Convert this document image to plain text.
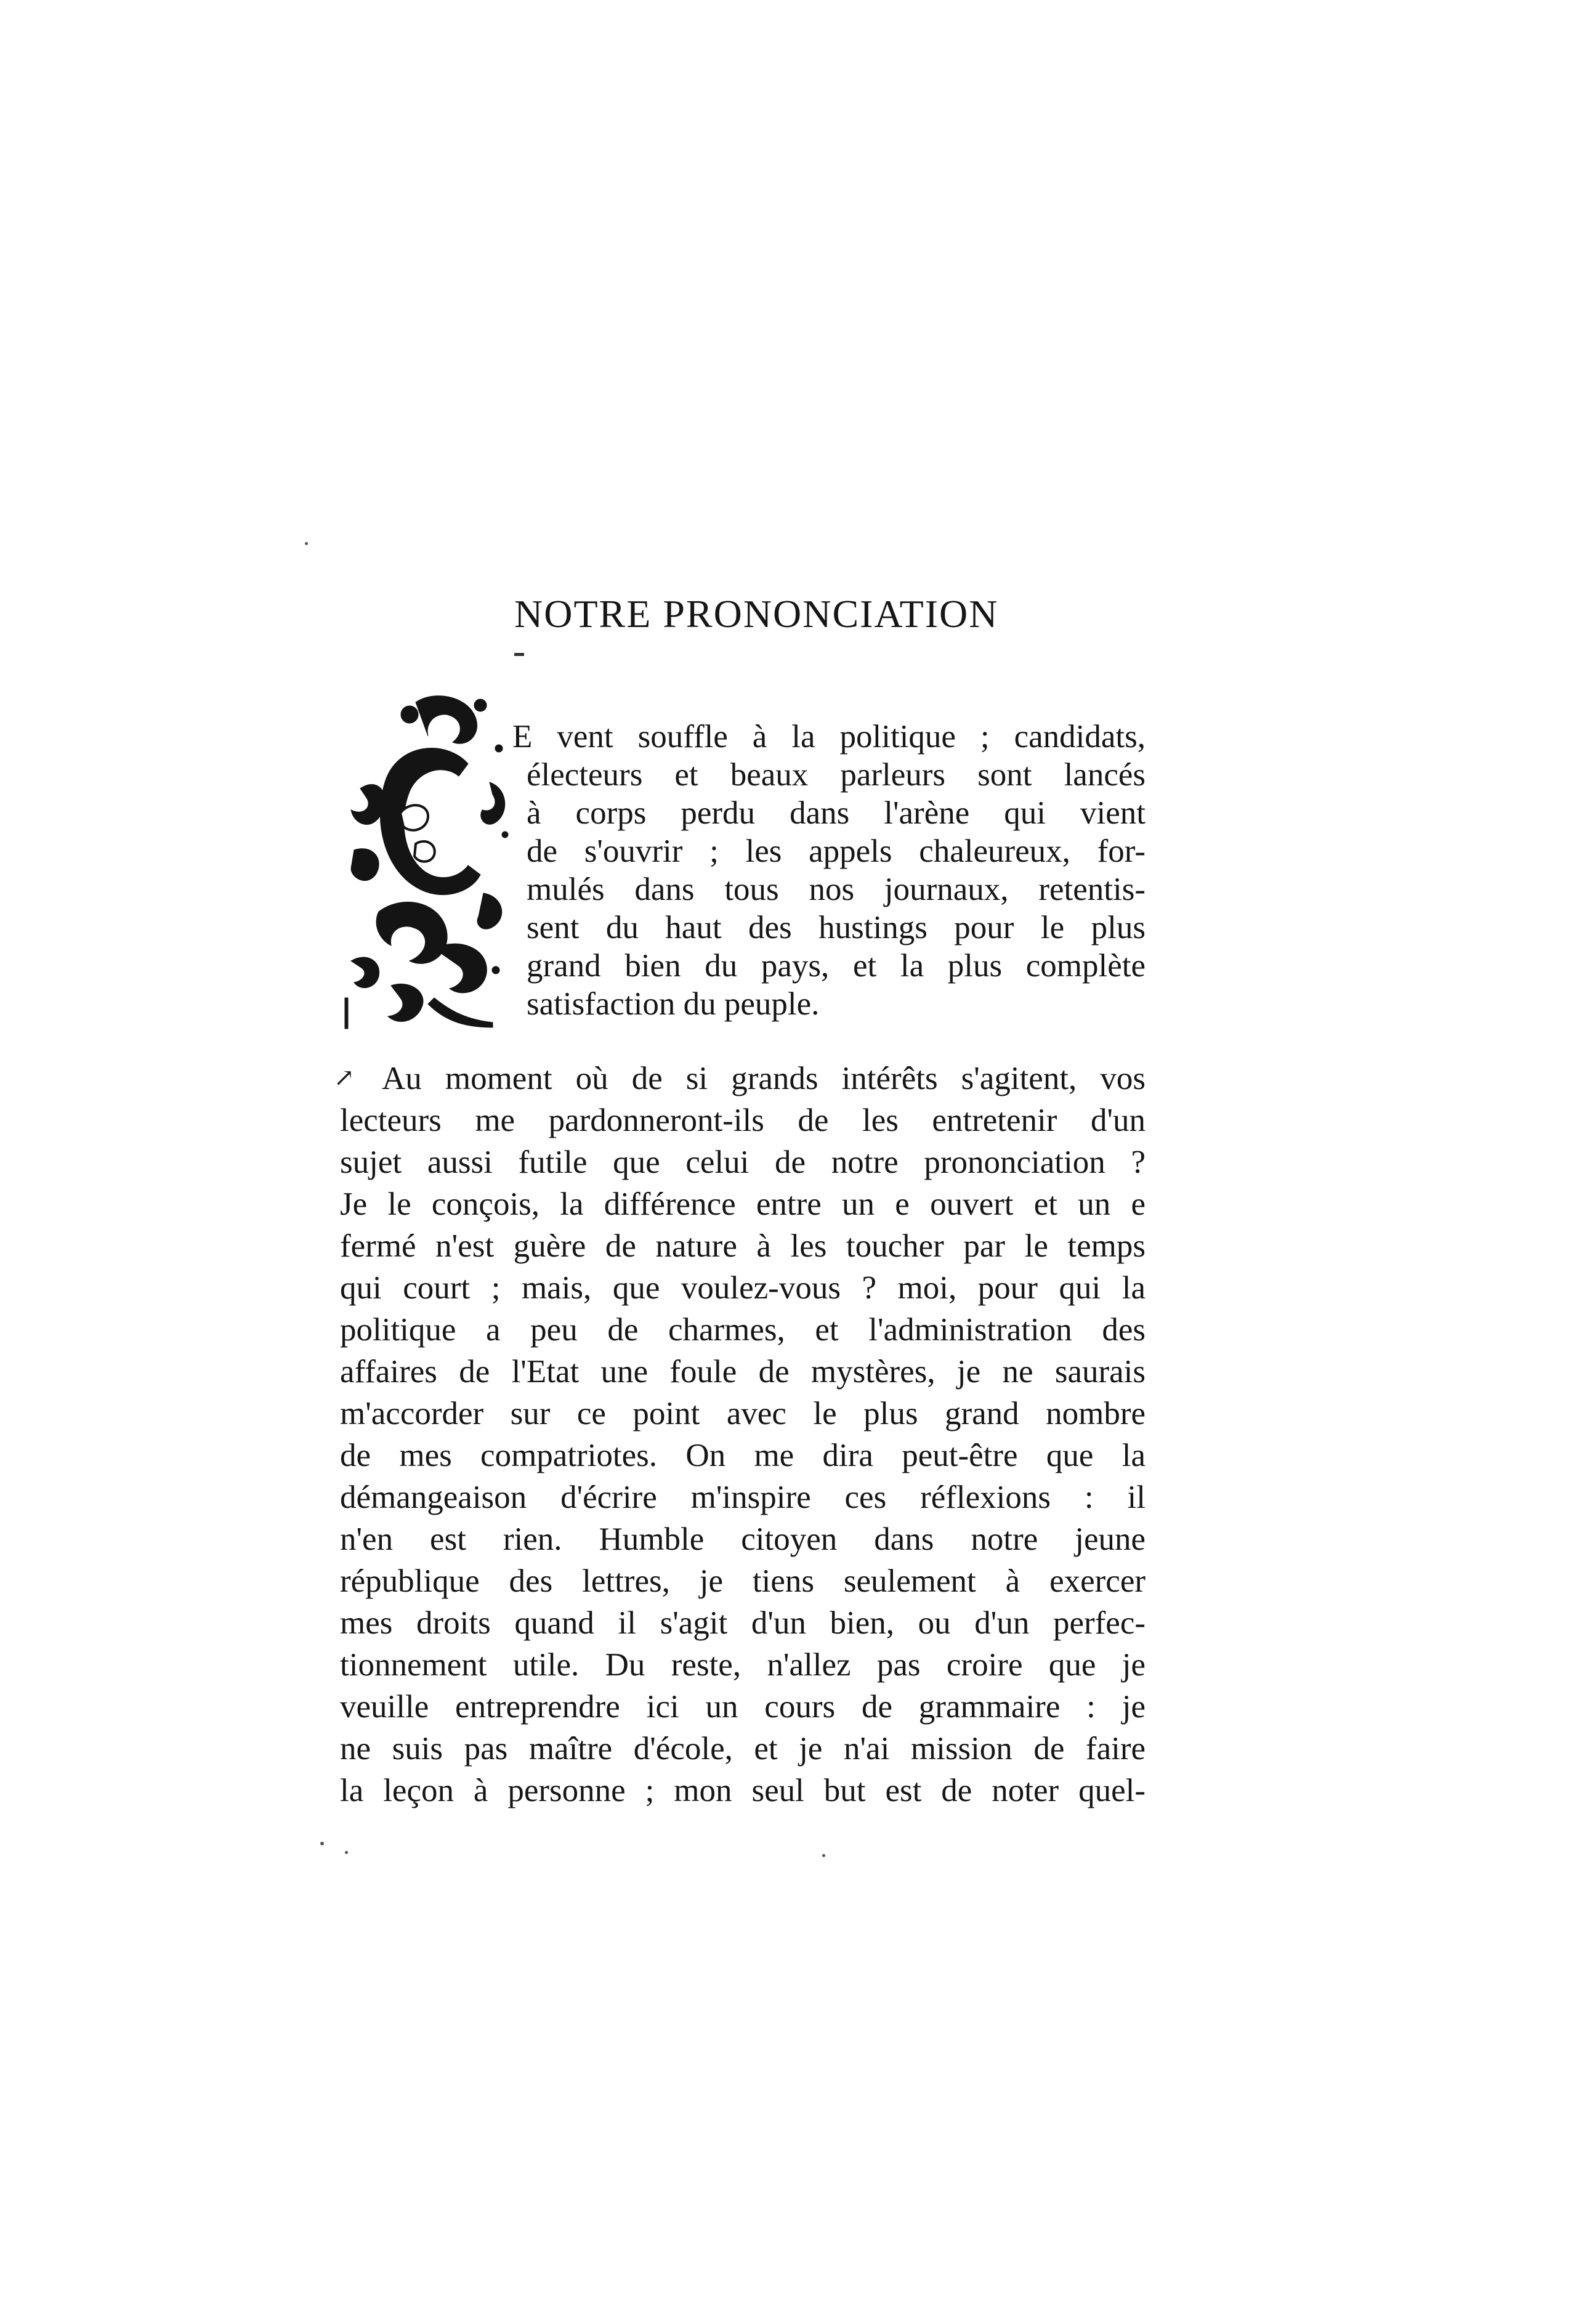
NOTRE PRONONCIATION
E vent souffle à la politique ; candidats,
électeurs et beaux parleurs sont lancés
à corps perdu dans l'arène qui vient
de s'ouvrir ; les appels chaleureux, for-
mulés dans tous nos journaux, retentis-
sent du haut des hustings pour le plus
grand bien du pays, et la plus complète
satisfaction du peuple.
↗ Au moment où de si grands intérêts s'agitent, vos
lecteurs me pardonneront-ils de les entretenir d'un
sujet aussi futile que celui de notre prononciation ?
Je le conçois, la différence entre un e ouvert et un e
fermé n'est guère de nature à les toucher par le temps
qui court ; mais, que voulez-vous ? moi, pour qui la
politique a peu de charmes, et l'administration des
affaires de l'Etat une foule de mystères, je ne saurais
m'accorder sur ce point avec le plus grand nombre
de mes compatriotes. On me dira peut-être que la
démangeaison d'écrire m'inspire ces réflexions : il
n'en est rien. Humble citoyen dans notre jeune
république des lettres, je tiens seulement à exercer
mes droits quand il s'agit d'un bien, ou d'un perfec-
tionnement utile. Du reste, n'allez pas croire que je
veuille entreprendre ici un cours de grammaire : je
ne suis pas maître d'école, et je n'ai mission de faire
la leçon à personne ; mon seul but est de noter quel-
